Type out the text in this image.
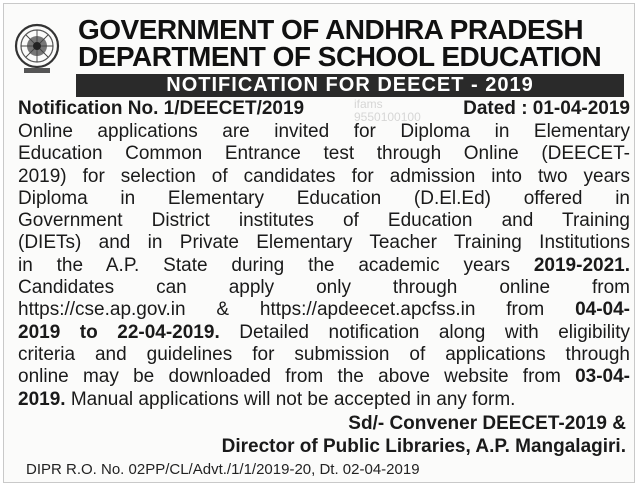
GOVERNMENT OF ANDHRA PRADESH
DEPARTMENT OF SCHOOL EDUCATION
NOTIFICATION FOR DEECET - 2019
ifams
9550100100
Notification No. 1/DEECET/2019	Dated : 01-04-2019
Online applications are invited for Diploma in Elementary
Education Common Entrance test through Online (DEECET-
2019) for selection of candidates for admission into two years
Diploma in Elementary Education (D.El.Ed) offered in
Government District institutes of Education and Training
(DIETs) and in Private Elementary Teacher Training Institutions
in the A.P. State during the academic years 2019-2021.
Candidates can apply only through online from
https://cse.ap.gov.in & https://apdeecet.apcfss.in from 04-04-
2019 to 22-04-2019. Detailed notification along with eligibility
criteria and guidelines for submission of applications through
online may be downloaded from the above website from 03-04-
2019. Manual applications will not be accepted in any form.
Sd/- Convener DEECET-2019 &
Director of Public Libraries, A.P. Mangalagiri.
DIPR R.O. No. 02PP/CL/Advt./1/1/2019-20, Dt. 02-04-2019
